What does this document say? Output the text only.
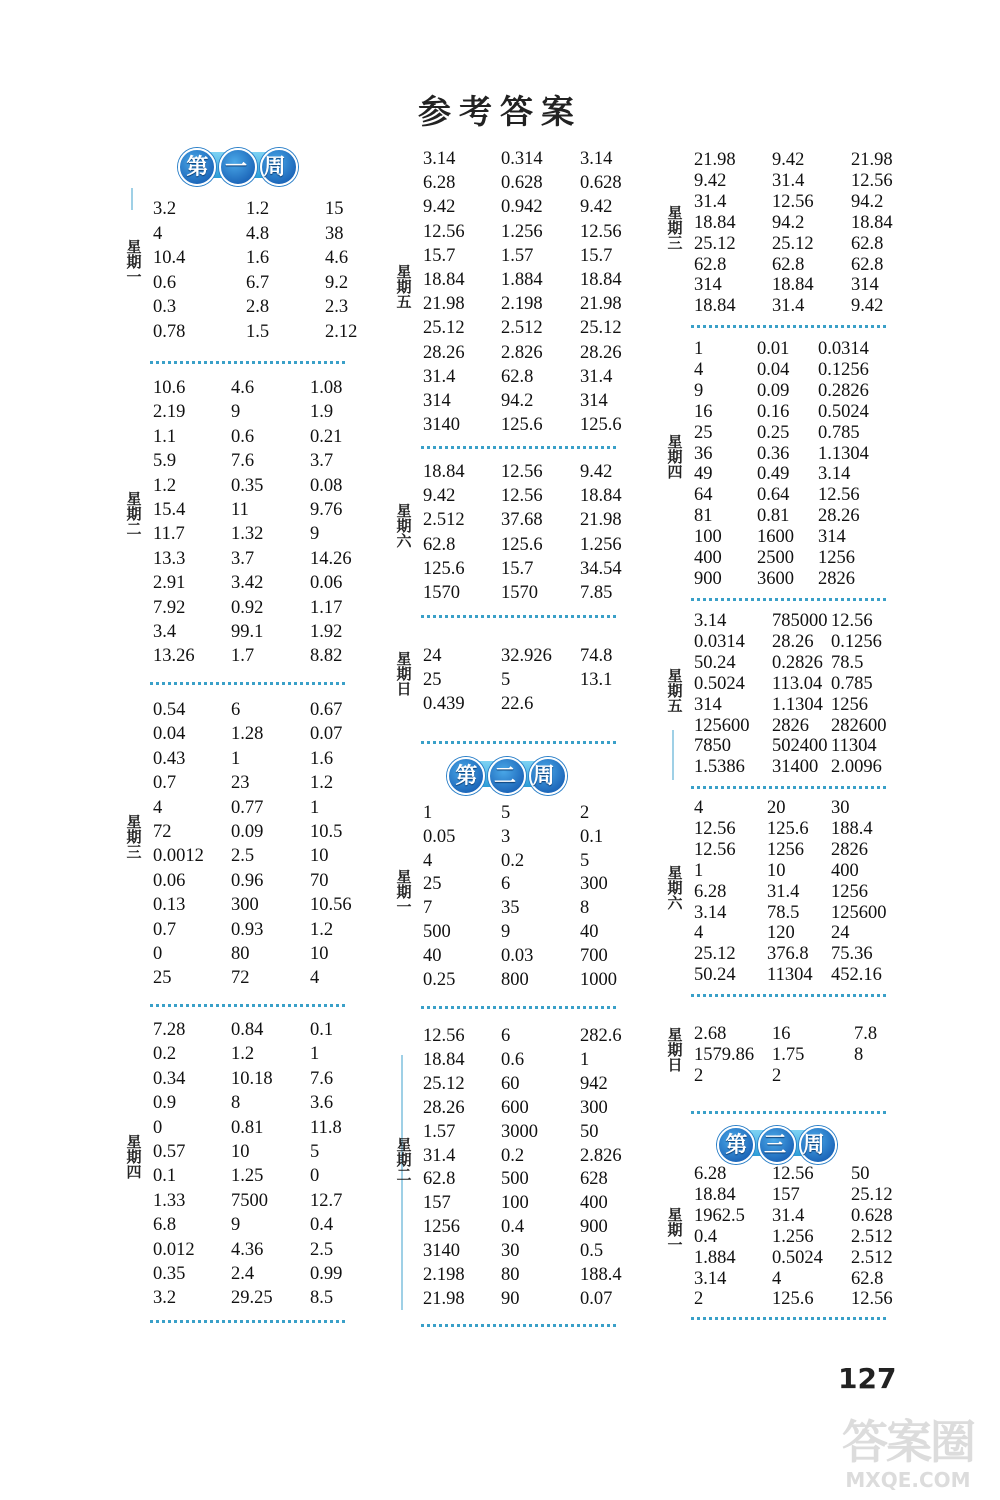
参考答案
第 一 周
第 二 周
第 三 周
星
期
一
3.2	1.2	15
4	4.8	38
10.4	1.6	4.6
0.6	6.7	9.2
0.3	2.8	2.3
0.78	1.5	2.12
星
期
二
10.6 4.6	1.08
2.19 9	1.9
1.1	0.6	0.21
5.9	7.6	3.7
1.2	0.35	0.08
15.4 11	9.76
11.7	1.32	9
13.3 3.7	14.26
2.91 3.42	0.06
7.92 0.92	1.17
3.4	99.1	1.92
13.26 1.7	8.82
星
期
三
0.54 6	0.67
0.04 1.28	0.07
0.43 1	1.6
0.7	23	1.2
4	0.77	1
72	0.09	10.5
0.0012 2.5	10
0.06 0.96	70
0.13 300	10.56
0.7	0.93	1.2
0	80	10
25	72	4
星
期
四
7.28 0.84	0.1
0.2	1.2	1
0.34 10.18 7.6
0.9	8	3.6
0	0.81	11.8
0.57 10	5
0.1	1.25	0
1.33 7500 12.7
6.8	9	0.4
0.012 4.36	2.5
0.35 2.4	0.99
3.2	29.25 8.5
星
期
五
3.14 0.314 3.14
6.28 0.628 0.628
9.42 0.942 9.42
12.56 1.256 12.56
15.7 1.57	15.7
18.84 1.884 18.84
21.98 2.198 21.98
25.12 2.512 25.12
28.26 2.826 28.26
31.4 62.8	31.4
314	94.2	314
3140 125.6 125.6
星
期
六
18.84 12.56 9.42
9.42 12.56 18.84
2.512 37.68 21.98
62.8 125.6 1.256
125.6 15.7	34.54
1570 1570 7.85
星
期
日
24	32.926 74.8
25	5	13.1
0.439 22.6
星
期
一
1	5	2
0.05 3	0.1
4	0.2	5
25	6	300
7	35	8
500	9	40
40	0.03	700
0.25 800	1000
星
期
二
12.56 6	282.6
18.84 0.6	1
25.12 60	942
28.26 600	300
1.57 3000 50
31.4 0.2	2.826
62.8 500	628
157	100	400
1256 0.4	900
3140 30	0.5
2.198 80	188.4
21.98 90	0.07
星
期
三
21.98 9.42	21.98
9.42 31.4	12.56
31.4 12.56 94.2
18.84 94.2	18.84
25.12 25.12 62.8
62.8 62.8	62.8
314	18.84 314
18.84 31.4	9.42
星
期
四
1	0.01 0.0314
4	0.04 0.1256
9	0.09 0.2826
16 0.16 0.5024
25 0.25 0.785
36 0.36 1.1304
49 0.49 3.14
64 0.64 12.56
81 0.81 28.26
100 1600 314
400 2500 1256
900 3600 2826
星
期
五
3.14 785000 12.56
0.0314 28.26 0.1256
50.24 0.2826 78.5
0.5024 113.04 0.785
314	1.1304 1256
125600 2826 282600
7850 502400 11304
1.5386 31400 2.0096
星
期
六
4	20 30
12.56 125.6 188.4
12.56 1256 2826
1	10 400
6.28 31.4 1256
3.14 78.5 125600
4	120 24
25.12 376.8 75.36
50.24 11304 452.16
星
期
日
2.68 16	7.8
1579.86 1.75	8
2	2
星
期
一
6.28 12.56 50
18.84 157	25.12
1962.5 31.4	0.628
0.4	1.256 2.512
1.884 0.5024 2.512
3.14 4	62.8
2	125.6 12.56
127
答案圈
MXQE.COM
